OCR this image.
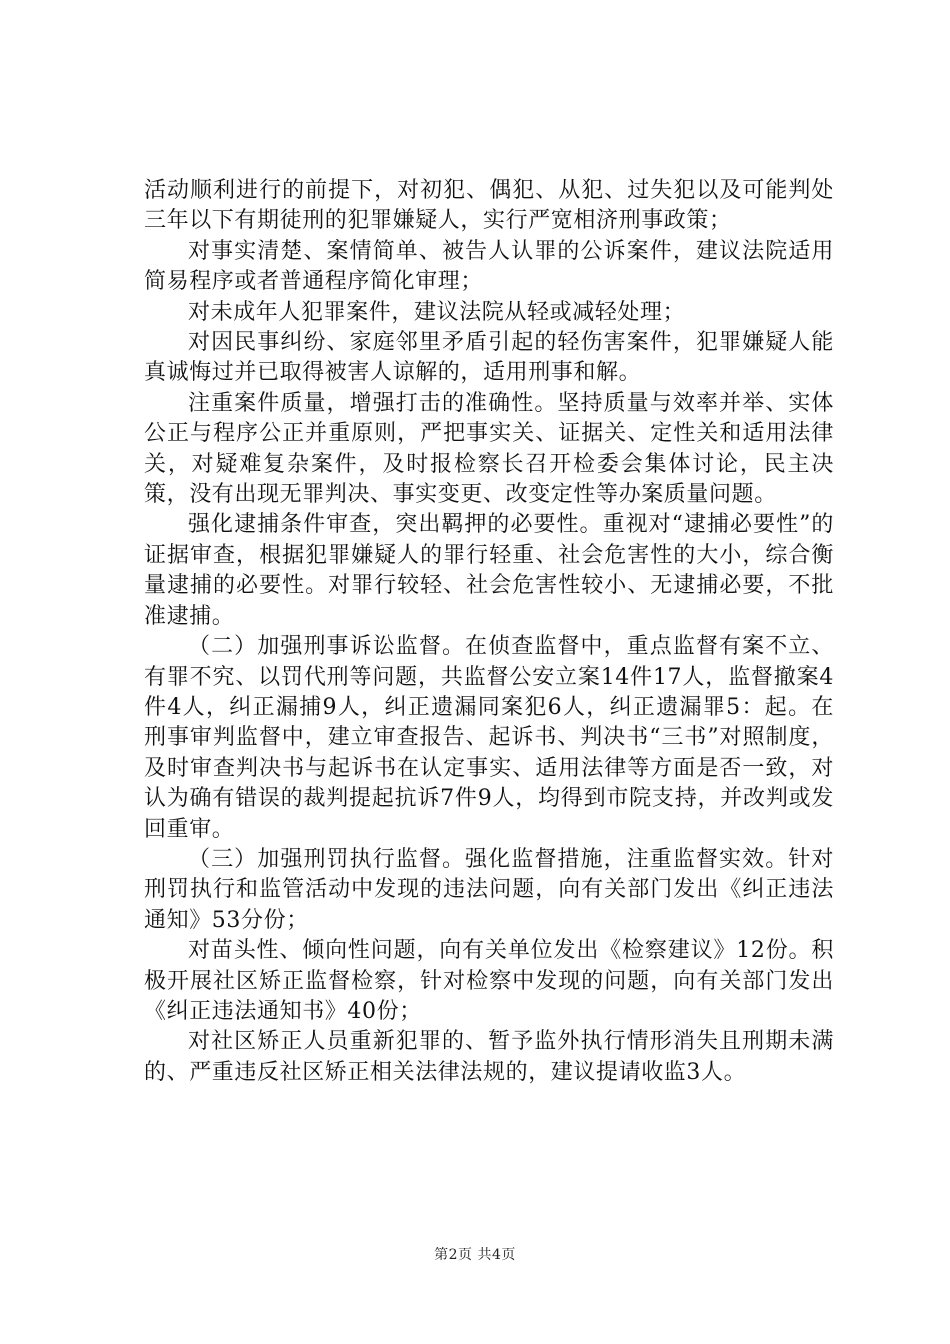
活动顺利进行的前提下，对初犯、偶犯、从犯、过失犯以及可能判处三年以下有期徒刑的犯罪嫌疑人，实行严宽相济刑事政策；

对事实清楚、案情简单、被告人认罪的公诉案件，建议法院适用简易程序或者普通程序简化审理；

对未成年人犯罪案件，建议法院从轻或减轻处理；

对因民事纠纷、家庭邻里矛盾引起的轻伤害案件，犯罪嫌疑人能真诚悔过并已取得被害人谅解的，适用刑事和解。

注重案件质量，增强打击的准确性。坚持质量与效率并举、实体公正与程序公正并重原则，严把事实关、证据关、定性关和适用法律关，对疑难复杂案件，及时报检察长召开检委会集体讨论，民主决策，没有出现无罪判决、事实变更、改变定性等办案质量问题。

强化逮捕条件审查，突出羁押的必要性。重视对“逮捕必要性”的证据审查，根据犯罪嫌疑人的罪行轻重、社会危害性的大小，综合衡量逮捕的必要性。对罪行较轻、社会危害性较小、无逮捕必要，不批准逮捕。

（二）加强刑事诉讼监督。在侦查监督中，重点监督有案不立、有罪不究、以罚代刑等问题，共监督公安立案14件17人，监督撤案4件4人，纠正漏捕9人，纠正遗漏同案犯6人，纠正遗漏罪5：起。在刑事审判监督中，建立审查报告、起诉书、判决书“三书”对照制度，及时审查判决书与起诉书在认定事实、适用法律等方面是否一致，对认为确有错误的裁判提起抗诉7件9人，均得到市院支持，并改判或发回重审。

（三）加强刑罚执行监督。强化监督措施，注重监督实效。针对刑罚执行和监管活动中发现的违法问题，向有关部门发出《纠正违法通知》53分份；

对苗头性、倾向性问题，向有关单位发出《检察建议》12份。积极开展社区矫正监督检察，针对检察中发现的问题，向有关部门发出《纠正违法通知书》40份；

对社区矫正人员重新犯罪的、暂予监外执行情形消失且刑期未满的、严重违反社区矫正相关法律法规的，建议提请收监3人。

第2页 共4页
